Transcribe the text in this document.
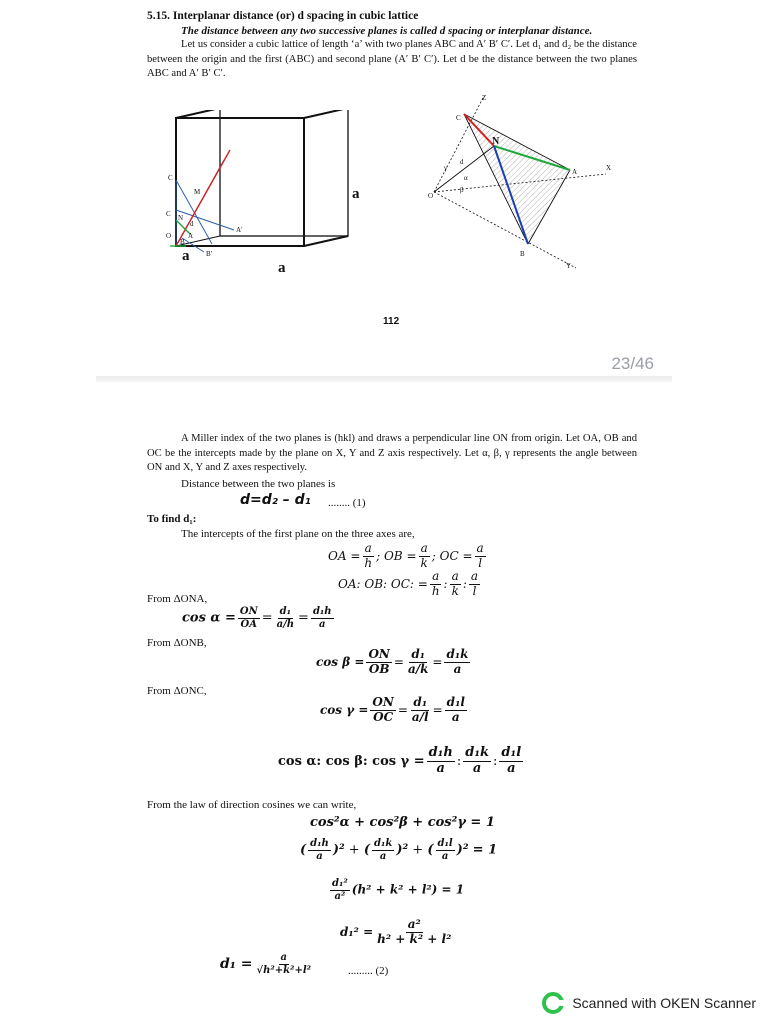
5.15. Interplanar distance (or) d spacing in cubic lattice
The distance between any two successive planes is called d spacing or interplanar distance.
Let us consider a cubic lattice of length ‘a’ with two planes ABC and A′ B′ C′. Let d₁ and d₂ be the distance between the origin and the first (ABC) and second plane (A′ B′ C′). Let d be the distance between the two planes ABC and A′ B′ C′.
C
M
C N
d
O
B
A
A′
B′
a
a
a
Z
X
Y
C
N
A
B
O
d
γ
α
β
112
23/46
A Miller index of the two planes is (hkl) and draws a perpendicular line ON from origin. Let OA, OB and OC be the intercepts made by the plane on X, Y and Z axis respectively. Let α, β, γ represents the angle between ON and X, Y and Z axes respectively.
Distance between the two planes is
d=d₂ – d₁ ........ (1)
To find d₁:
The intercepts of the first plane on the three axes are,
OA = $\frac{a}{h}$ ; OB = $\frac{a}{k}$ ; OC = $\frac{a}{l}$
OA: OB: OC: = $\frac{a}{h}$ : $\frac{a}{k}$ : $\frac{a}{l}$
From ΔONA,
$\cos \alpha = \frac{ON}{OA} = \frac{\text{d₁}}{a/h} = \frac{\text{d₁h}}{a}$
From ΔONB,
$\cos \beta = \frac{ON}{OB} = \frac{\text{d₁}}{a/k} = \frac{\text{d₁k}}{a}$
From ΔONC,
$\cos \gamma = \frac{ON}{OC} = \frac{\text{d₁}}{a/l} = \frac{\text{d₁l}}{a}$
cos α: cos β: $\cos \gamma = \frac{\text{d₁h}}{a}$ : $\frac{\text{d₁k}}{a}$ : $\frac{\text{d₁l}}{a}$
From the law of direction cosines we can write,
cos²α + cos²β + cos²γ = 1
( $\frac{\text{d₁h}}{a} )^2$ + ( $\frac{\text{d₁k}}{a} )^2$ + ( $\frac{\text{d₁l}}{a} )^2 = 1$
$\frac{\text{d₁²}}{\text{a²}} (h^2 + k^2 + l^2) = 1$
$d_1^2 = \frac{\text{a²}}{\text{h² + k² + l²}}$
$d_1 = \frac{a}{\text{√h²+k²+l²}}$	......... (2)
Scanned with OKEN Scanner
